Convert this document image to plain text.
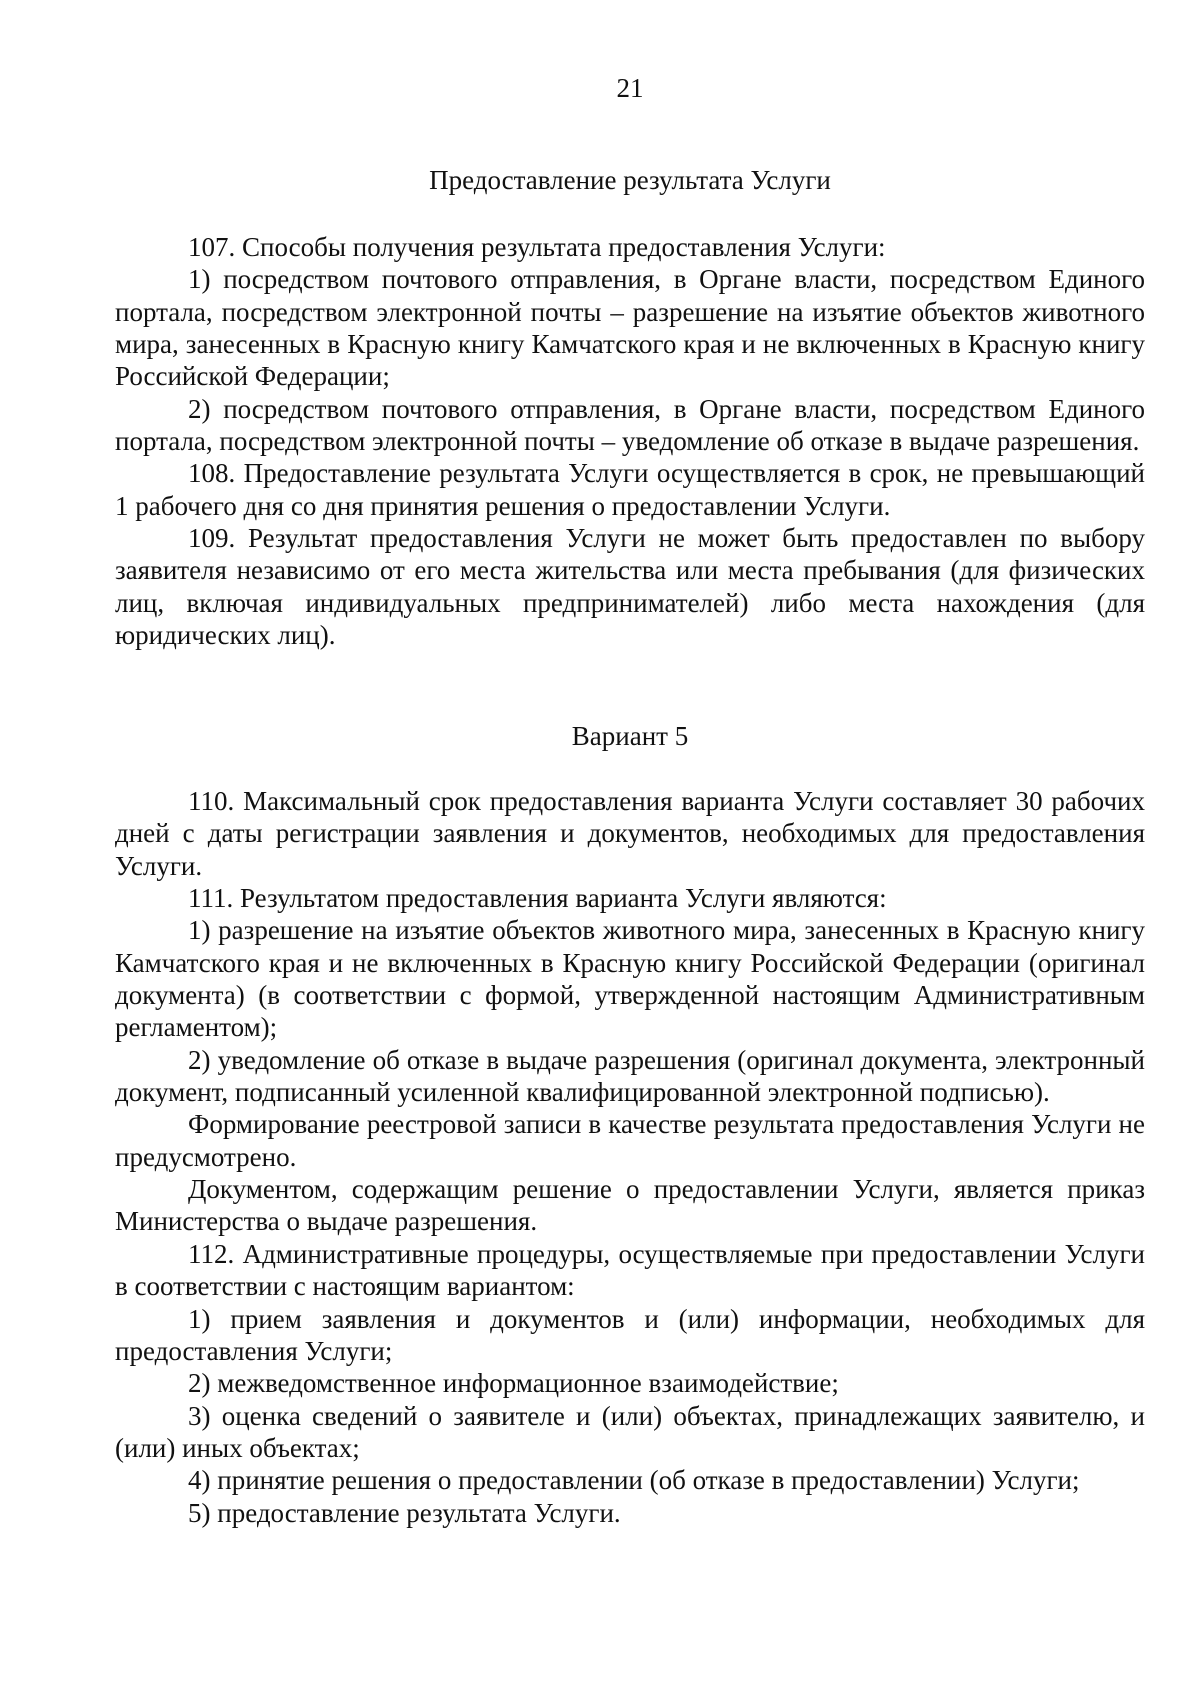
21
Предоставление результата Услуги

107. Способы получения результата предоставления Услуги:

1) посредством почтового отправления, в Органе власти, посредством Единого портала, посредством электронной почты – разрешение на изъятие объектов животного мира, занесенных в Красную книгу Камчатского края и не включенных в Красную книгу Российской Федерации;

2) посредством почтового отправления, в Органе власти, посредством Единого портала, посредством электронной почты – уведомление об отказе в выдаче разрешения.

108. Предоставление результата Услуги осуществляется в срок, не превышающий 1 рабочего дня со дня принятия решения о предоставлении Услуги.

109. Результат предоставления Услуги не может быть предоставлен по выбору заявителя независимо от его места жительства или места пребывания (для физических лиц, включая индивидуальных предпринимателей) либо места нахождения (для юридических лиц).

Вариант 5

110. Максимальный срок предоставления варианта Услуги составляет 30 рабочих дней с даты регистрации заявления и документов, необходимых для предоставления Услуги.

111. Результатом предоставления варианта Услуги являются:

1) разрешение на изъятие объектов животного мира, занесенных в Красную книгу Камчатского края и не включенных в Красную книгу Российской Федерации (оригинал документа) (в соответствии с формой, утвержденной настоящим Административным регламентом);

2) уведомление об отказе в выдаче разрешения (оригинал документа, электронный документ, подписанный усиленной квалифицированной электронной подписью).

Формирование реестровой записи в качестве результата предоставления Услуги не предусмотрено.

Документом, содержащим решение о предоставлении Услуги, является приказ Министерства о выдаче разрешения.

112. Административные процедуры, осуществляемые при предоставлении Услуги в соответствии с настоящим вариантом:

1) прием заявления и документов и (или) информации, необходимых для предоставления Услуги;

2) межведомственное информационное взаимодействие;

3) оценка сведений о заявителе и (или) объектах, принадлежащих заявителю, и (или) иных объектах;

4) принятие решения о предоставлении (об отказе в предоставлении) Услуги;

5) предоставление результата Услуги.
